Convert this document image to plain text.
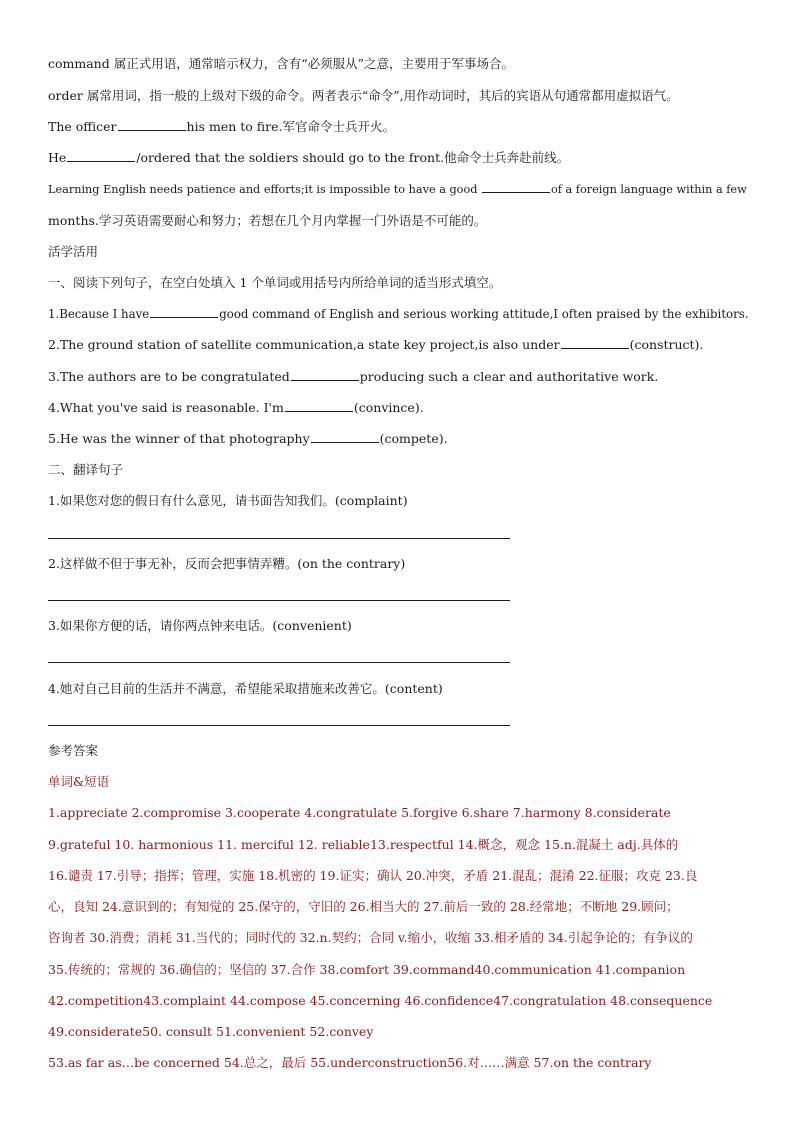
command 属正式用语，通常暗示权力，含有“必须服从”之意，主要用于军事场合。
order 属常用词，指一般的上级对下级的命令。两者表示“命令”,用作动词时，其后的宾语从句通常都用虚拟语气。
The officer	his men to fire.军官命令士兵开火。
He	/ordered that the soldiers should go to the front.他命令士兵奔赴前线。
Learning English needs patience and efforts;it is impossible to have a good	of a foreign language within a few
months.学习英语需要耐心和努力；若想在几个月内掌握一门外语是不可能的。
活学活用
一、阅读下列句子，在空白处填入 1 个单词或用括号内所给单词的适当形式填空。
1.Because I have	good command of English and serious working attitude,I often praised by the exhibitors.
2.The ground station of satellite communication,a state key project,is also under	(construct).
3.The authors are to be congratulated	producing such a clear and authoritative work.
4.What you've said is reasonable. I'm	(convince).
5.He was the winner of that photography	(compete).
二、翻译句子
1.如果您对您的假日有什么意见，请书面告知我们。(complaint)
2.这样做不但于事无补，反而会把事情弄糟。(on the contrary)
3.如果你方便的话，请你两点钟来电话。(convenient)
4.她对自己目前的生活并不满意，希望能采取措施来改善它。(content)
参考答案
单词&短语
1.appreciate 2.compromise 3.cooperate 4.congratulate 5.forgive 6.share 7.harmony 8.considerate
9.grateful 10. harmonious 11. merciful 12. reliable13.respectful 14.概念，观念 15.n.混凝土 adj.具体的
16.谴责 17.引导；指挥；管理，实施 18.机密的 19.证实；确认 20.冲突，矛盾 21.混乱；混淆 22.征服；攻克 23.良
心，良知 24.意识到的；有知觉的 25.保守的，守旧的 26.相当大的 27.前后一致的 28.经常地；不断地 29.顾问；
咨询者 30.消费；消耗 31.当代的；同时代的 32.n.契约；合同 v.缩小，收缩 33.相矛盾的 34.引起争论的；有争议的
35.传统的；常规的 36.确信的；坚信的 37.合作 38.comfort 39.command40.communication 41.companion
42.competition43.complaint 44.compose 45.concerning 46.confidence47.congratulation 48.consequence
49.considerate50. consult 51.convenient 52.convey
53.as far as…be concerned 54.总之，最后 55.underconstruction56.对……满意 57.on the contrary
